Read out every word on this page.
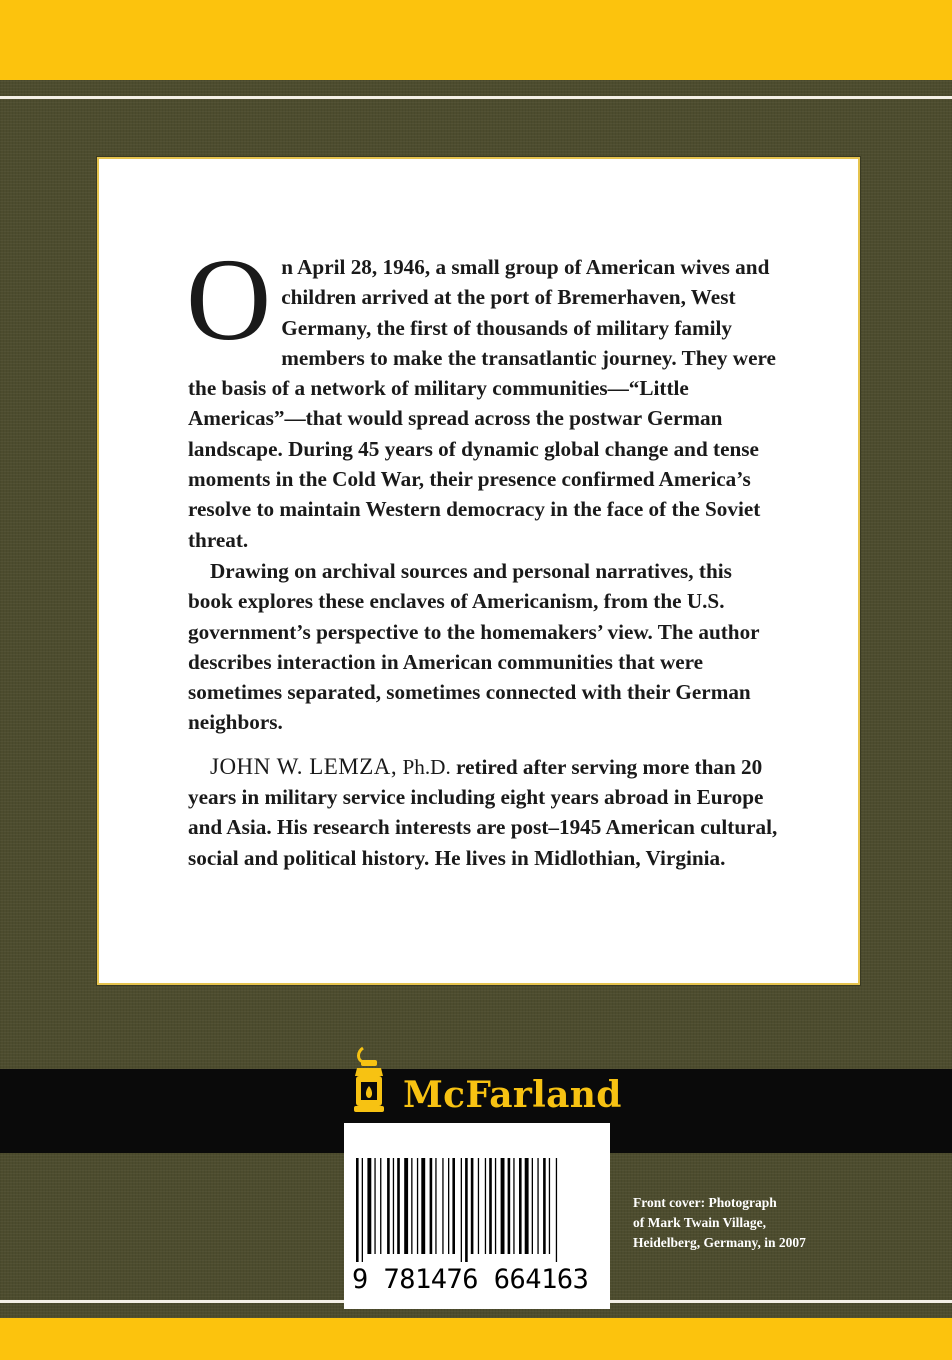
On April 28, 1946, a small group of American wives and children arrived at the port of Bremerhaven, West Germany, the first of thousands of military family members to make the transatlantic journey. They were the basis of a network of military communities—“Little Americas”—that would spread across the postwar German landscape. During 45 years of dynamic global change and tense moments in the Cold War, their presence confirmed America’s resolve to maintain Western democracy in the face of the Soviet threat.

Drawing on archival sources and personal narratives, this book explores these enclaves of Americanism, from the U.S. government’s perspective to the homemakers’ view. The author describes interaction in American communities that were sometimes separated, sometimes connected with their German neighbors.

JOHN W. LEMZA, Ph.D. retired after serving more than 20 years in military service including eight years abroad in Europe and Asia. His research interests are post–1945 American cultural, social and political history. He lives in Midlothian, Virginia.

McFarland
9 781476 664163
Front cover: Photograph
of Mark Twain Village,
Heidelberg, Germany, in 2007
